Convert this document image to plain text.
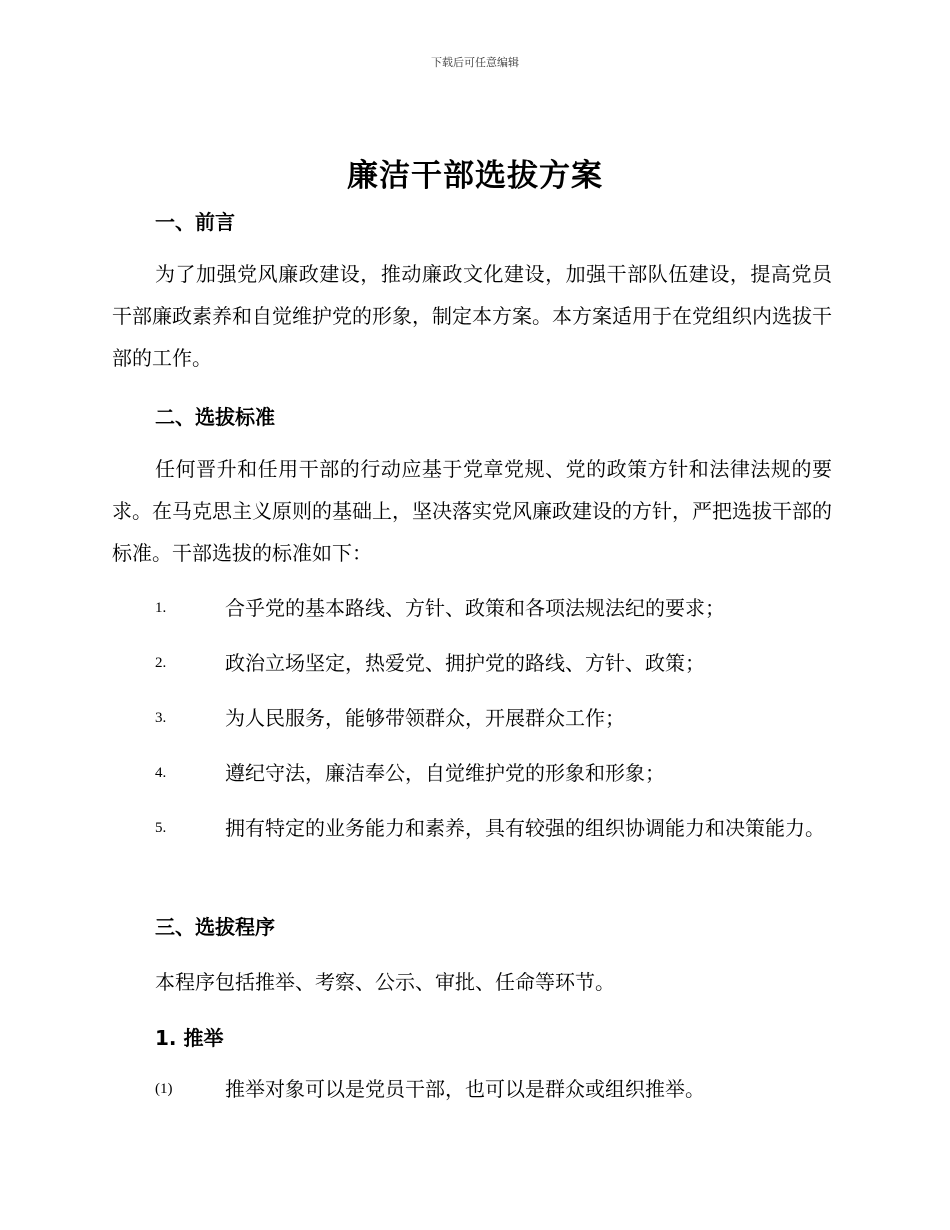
下载后可任意编辑
廉洁干部选拔方案
一、前言
为了加强党风廉政建设，推动廉政文化建设，加强干部队伍建设，提高党员干部廉政素养和自觉维护党的形象，制定本方案。本方案适用于在党组织内选拔干部的工作。
二、选拔标准
任何晋升和任用干部的行动应基于党章党规、党的政策方针和法律法规的要求。在马克思主义原则的基础上，坚决落实党风廉政建设的方针，严把选拔干部的标准。干部选拔的标准如下：
1.	合乎党的基本路线、方针、政策和各项法规法纪的要求；
2.	政治立场坚定，热爱党、拥护党的路线、方针、政策；
3.	为人民服务，能够带领群众，开展群众工作；
4.	遵纪守法，廉洁奉公，自觉维护党的形象和形象；
5.	拥有特定的业务能力和素养，具有较强的组织协调能力和决策能力。
三、选拔程序
本程序包括推举、考察、公示、审批、任命等环节。
1. 推举
(1)	推举对象可以是党员干部，也可以是群众或组织推举。
